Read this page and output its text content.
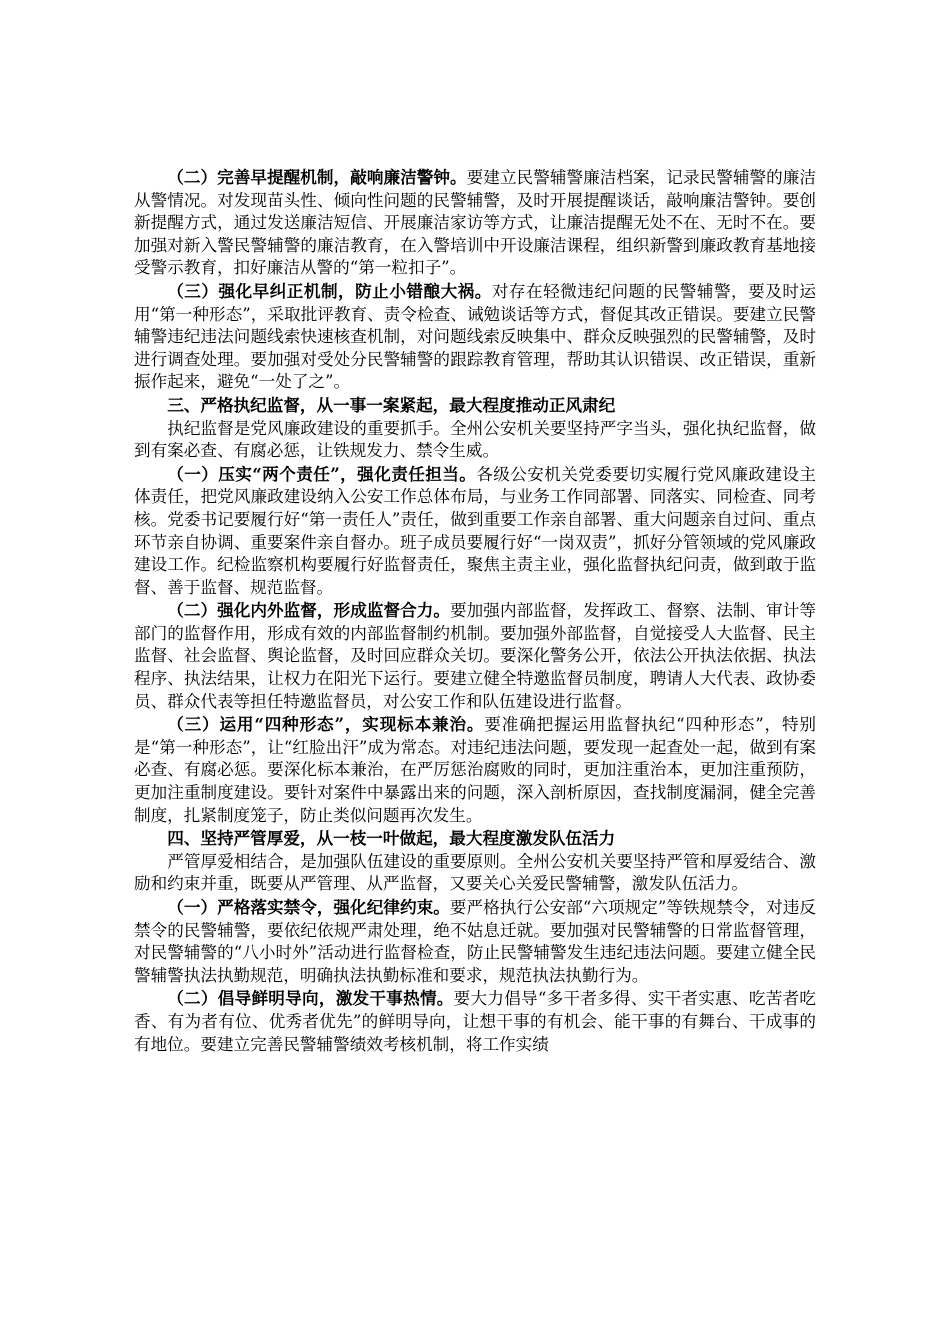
（二）完善早提醒机制，敲响廉洁警钟。要建立民警辅警廉洁档案，记录民警辅警的廉洁从警情况。对发现苗头性、倾向性问题的民警辅警，及时开展提醒谈话，敲响廉洁警钟。要创新提醒方式，通过发送廉洁短信、开展廉洁家访等方式，让廉洁提醒无处不在、无时不在。要加强对新入警民警辅警的廉洁教育，在入警培训中开设廉洁课程，组织新警到廉政教育基地接受警示教育，扣好廉洁从警的“第一粒扣子”。

（三）强化早纠正机制，防止小错酿大祸。对存在轻微违纪问题的民警辅警，要及时运用“第一种形态”，采取批评教育、责令检查、诫勉谈话等方式，督促其改正错误。要建立民警辅警违纪违法问题线索快速核查机制，对问题线索反映集中、群众反映强烈的民警辅警，及时进行调查处理。要加强对受处分民警辅警的跟踪教育管理，帮助其认识错误、改正错误，重新振作起来，避免“一处了之”。

三、严格执纪监督，从一事一案紧起，最大程度推动正风肃纪

执纪监督是党风廉政建设的重要抓手。全州公安机关要坚持严字当头，强化执纪监督，做到有案必查、有腐必惩，让铁规发力、禁令生威。

（一）压实“两个责任”，强化责任担当。各级公安机关党委要切实履行党风廉政建设主体责任，把党风廉政建设纳入公安工作总体布局，与业务工作同部署、同落实、同检查、同考核。党委书记要履行好“第一责任人”责任，做到重要工作亲自部署、重大问题亲自过问、重点环节亲自协调、重要案件亲自督办。班子成员要履行好“一岗双责”，抓好分管领域的党风廉政建设工作。纪检监察机构要履行好监督责任，聚焦主责主业，强化监督执纪问责，做到敢于监督、善于监督、规范监督。

（二）强化内外监督，形成监督合力。要加强内部监督，发挥政工、督察、法制、审计等部门的监督作用，形成有效的内部监督制约机制。要加强外部监督，自觉接受人大监督、民主监督、社会监督、舆论监督，及时回应群众关切。要深化警务公开，依法公开执法依据、执法程序、执法结果，让权力在阳光下运行。要建立健全特邀监督员制度，聘请人大代表、政协委员、群众代表等担任特邀监督员，对公安工作和队伍建设进行监督。

（三）运用“四种形态”，实现标本兼治。要准确把握运用监督执纪“四种形态”，特别是“第一种形态”，让“红脸出汗”成为常态。对违纪违法问题，要发现一起查处一起，做到有案必查、有腐必惩。要深化标本兼治，在严厉惩治腐败的同时，更加注重治本，更加注重预防，更加注重制度建设。要针对案件中暴露出来的问题，深入剖析原因，查找制度漏洞，健全完善制度，扎紧制度笼子，防止类似问题再次发生。

四、坚持严管厚爱，从一枝一叶做起，最大程度激发队伍活力

严管厚爱相结合，是加强队伍建设的重要原则。全州公安机关要坚持严管和厚爱结合、激励和约束并重，既要从严管理、从严监督，又要关心关爱民警辅警，激发队伍活力。

（一）严格落实禁令，强化纪律约束。要严格执行公安部“六项规定”等铁规禁令，对违反禁令的民警辅警，要依纪依规严肃处理，绝不姑息迁就。要加强对民警辅警的日常监督管理，对民警辅警的“八小时外”活动进行监督检查，防止民警辅警发生违纪违法问题。要建立健全民警辅警执法执勤规范，明确执法执勤标准和要求，规范执法执勤行为。

（二）倡导鲜明导向，激发干事热情。要大力倡导“多干者多得、实干者实惠、吃苦者吃香、有为者有位、优秀者优先”的鲜明导向，让想干事的有机会、能干事的有舞台、干成事的有地位。要建立完善民警辅警绩效考核机制，将工作实绩
